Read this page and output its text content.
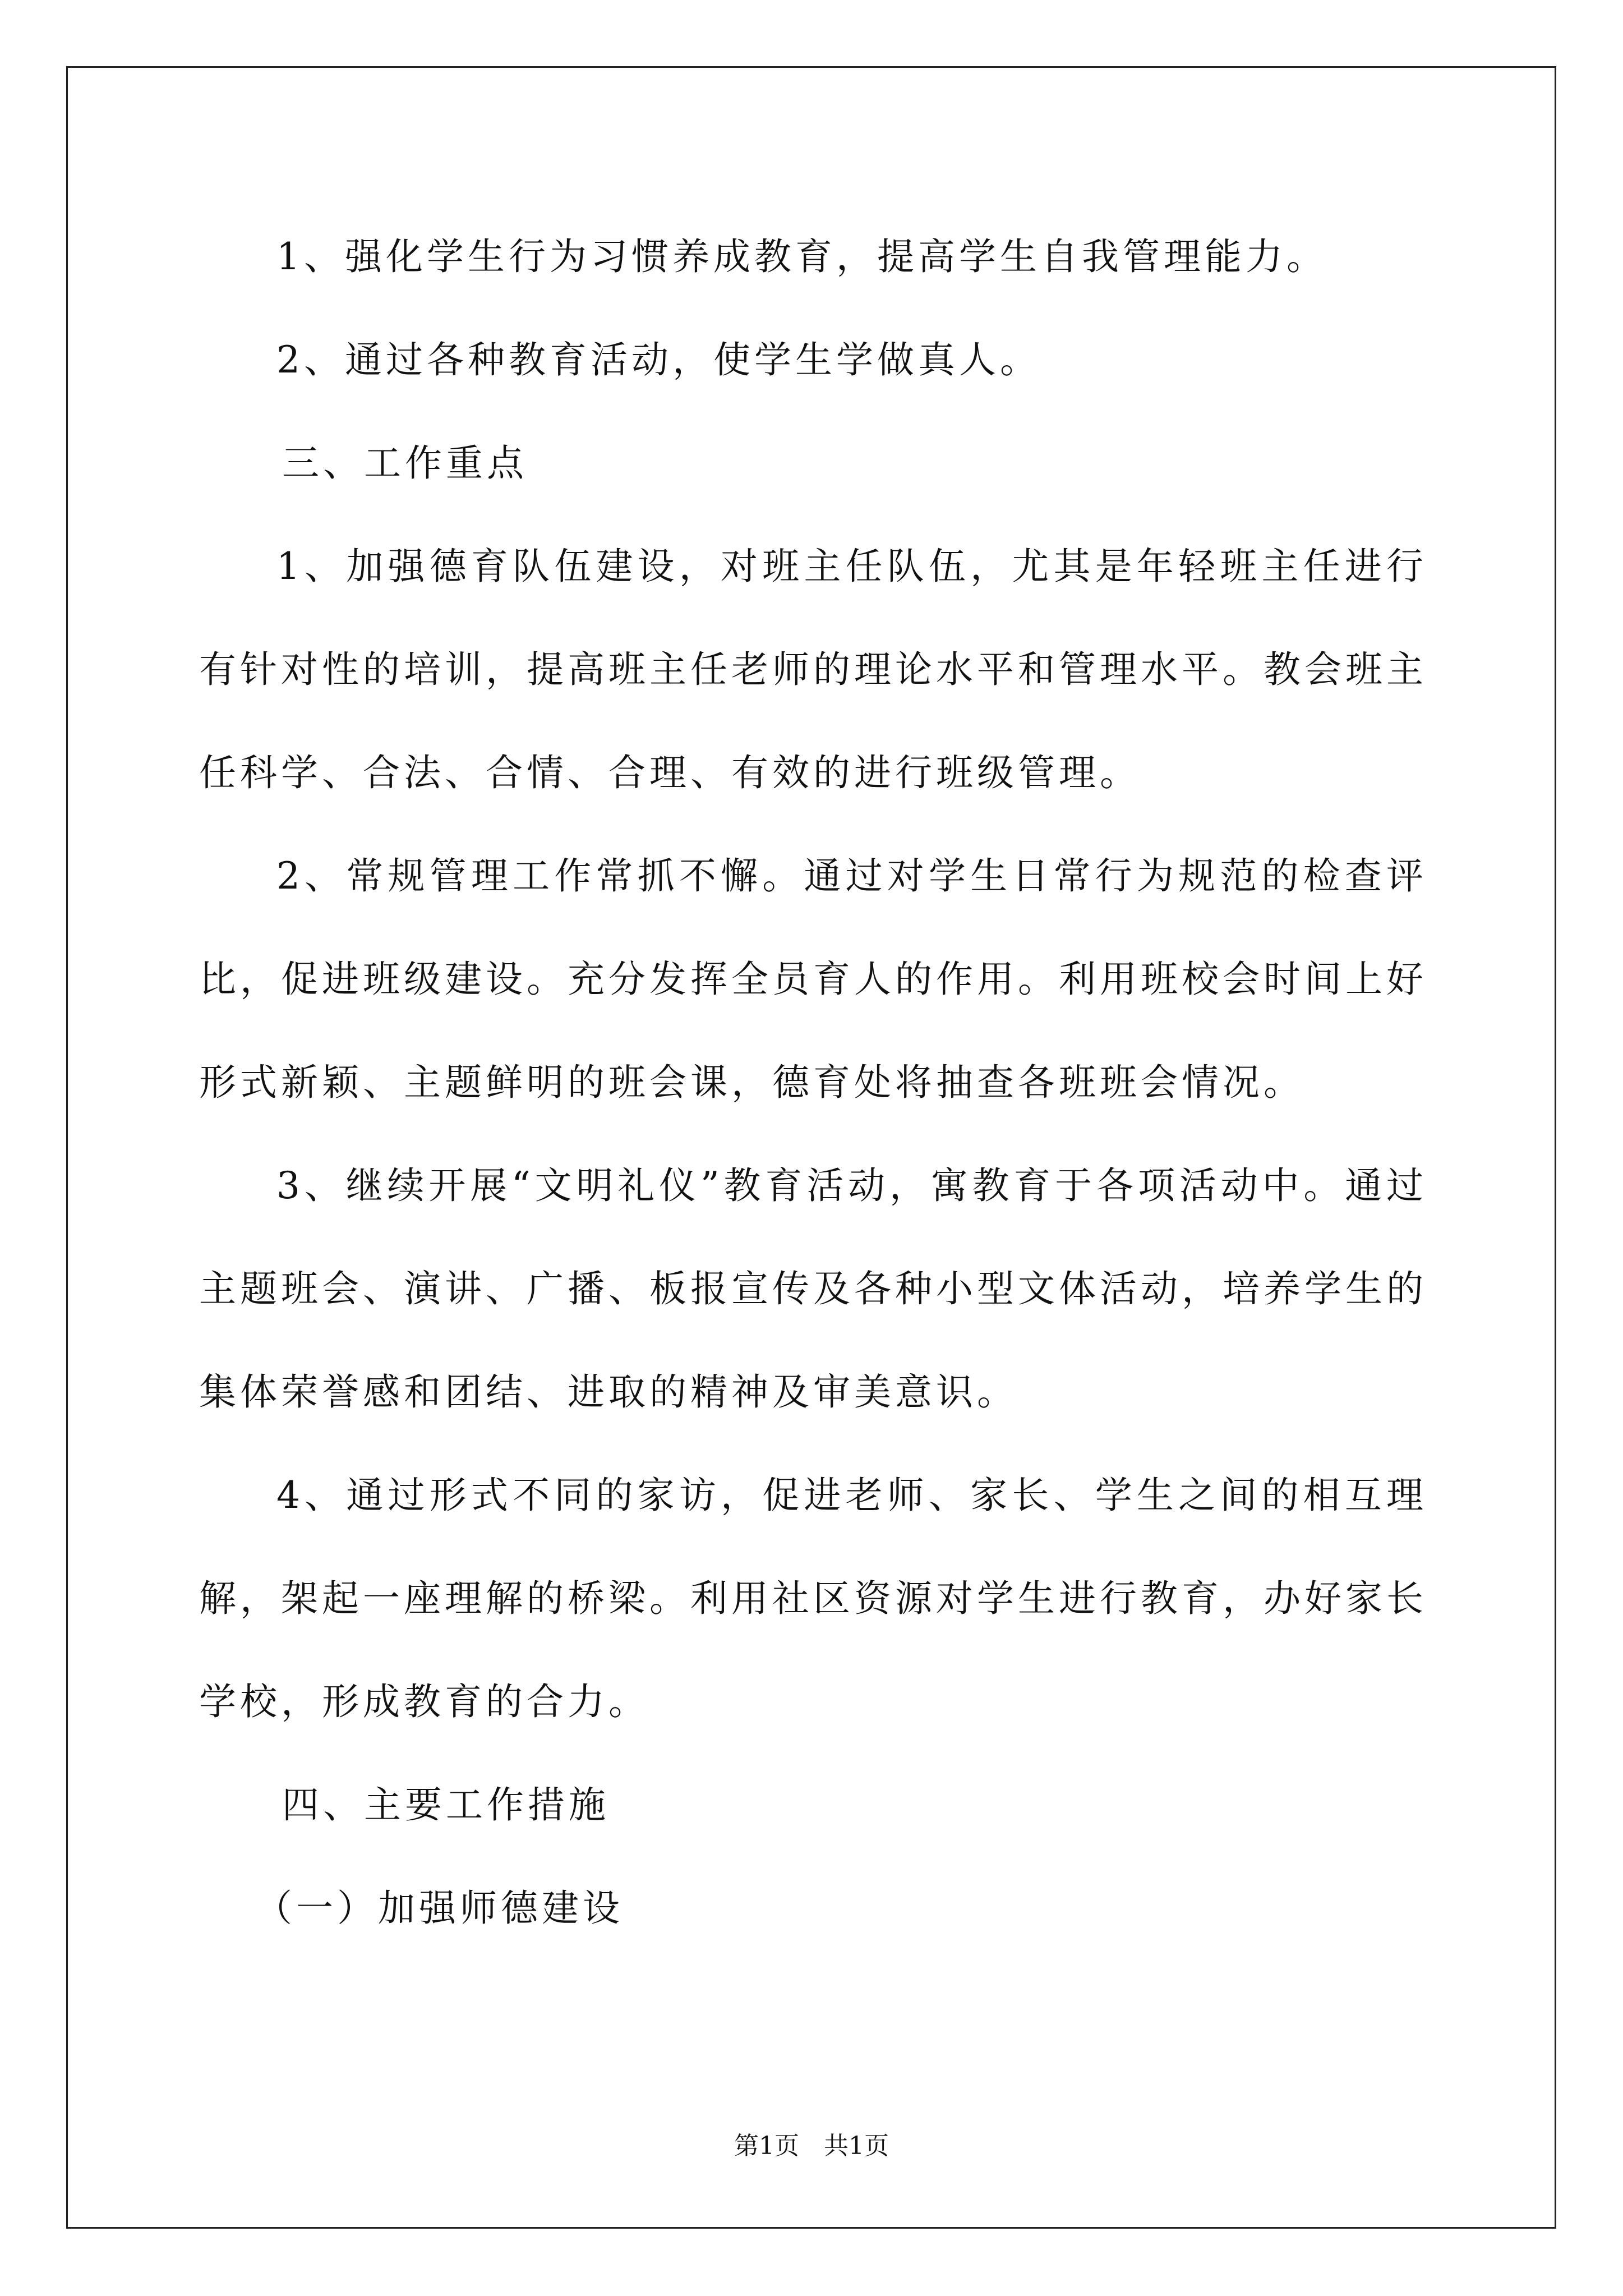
1、强化学生行为习惯养成教育，提高学生自我管理能力。

2、通过各种教育活动，使学生学做真人。

三、工作重点

1、加强德育队伍建设，对班主任队伍，尤其是年轻班主任进行有针对性的培训，提高班主任老师的理论水平和管理水平。教会班主任科学、合法、合情、合理、有效的进行班级管理。

2、常规管理工作常抓不懈。通过对学生日常行为规范的检查评比，促进班级建设。充分发挥全员育人的作用。利用班校会时间上好形式新颖、主题鲜明的班会课，德育处将抽查各班班会情况。

3、继续开展“文明礼仪”教育活动，寓教育于各项活动中。通过主题班会、演讲、广播、板报宣传及各种小型文体活动，培养学生的集体荣誉感和团结、进取的精神及审美意识。

4、通过形式不同的家访，促进老师、家长、学生之间的相互理解，架起一座理解的桥梁。利用社区资源对学生进行教育，办好家长学校，形成教育的合力。

四、主要工作措施

（一）加强师德建设

第1页　共1页
